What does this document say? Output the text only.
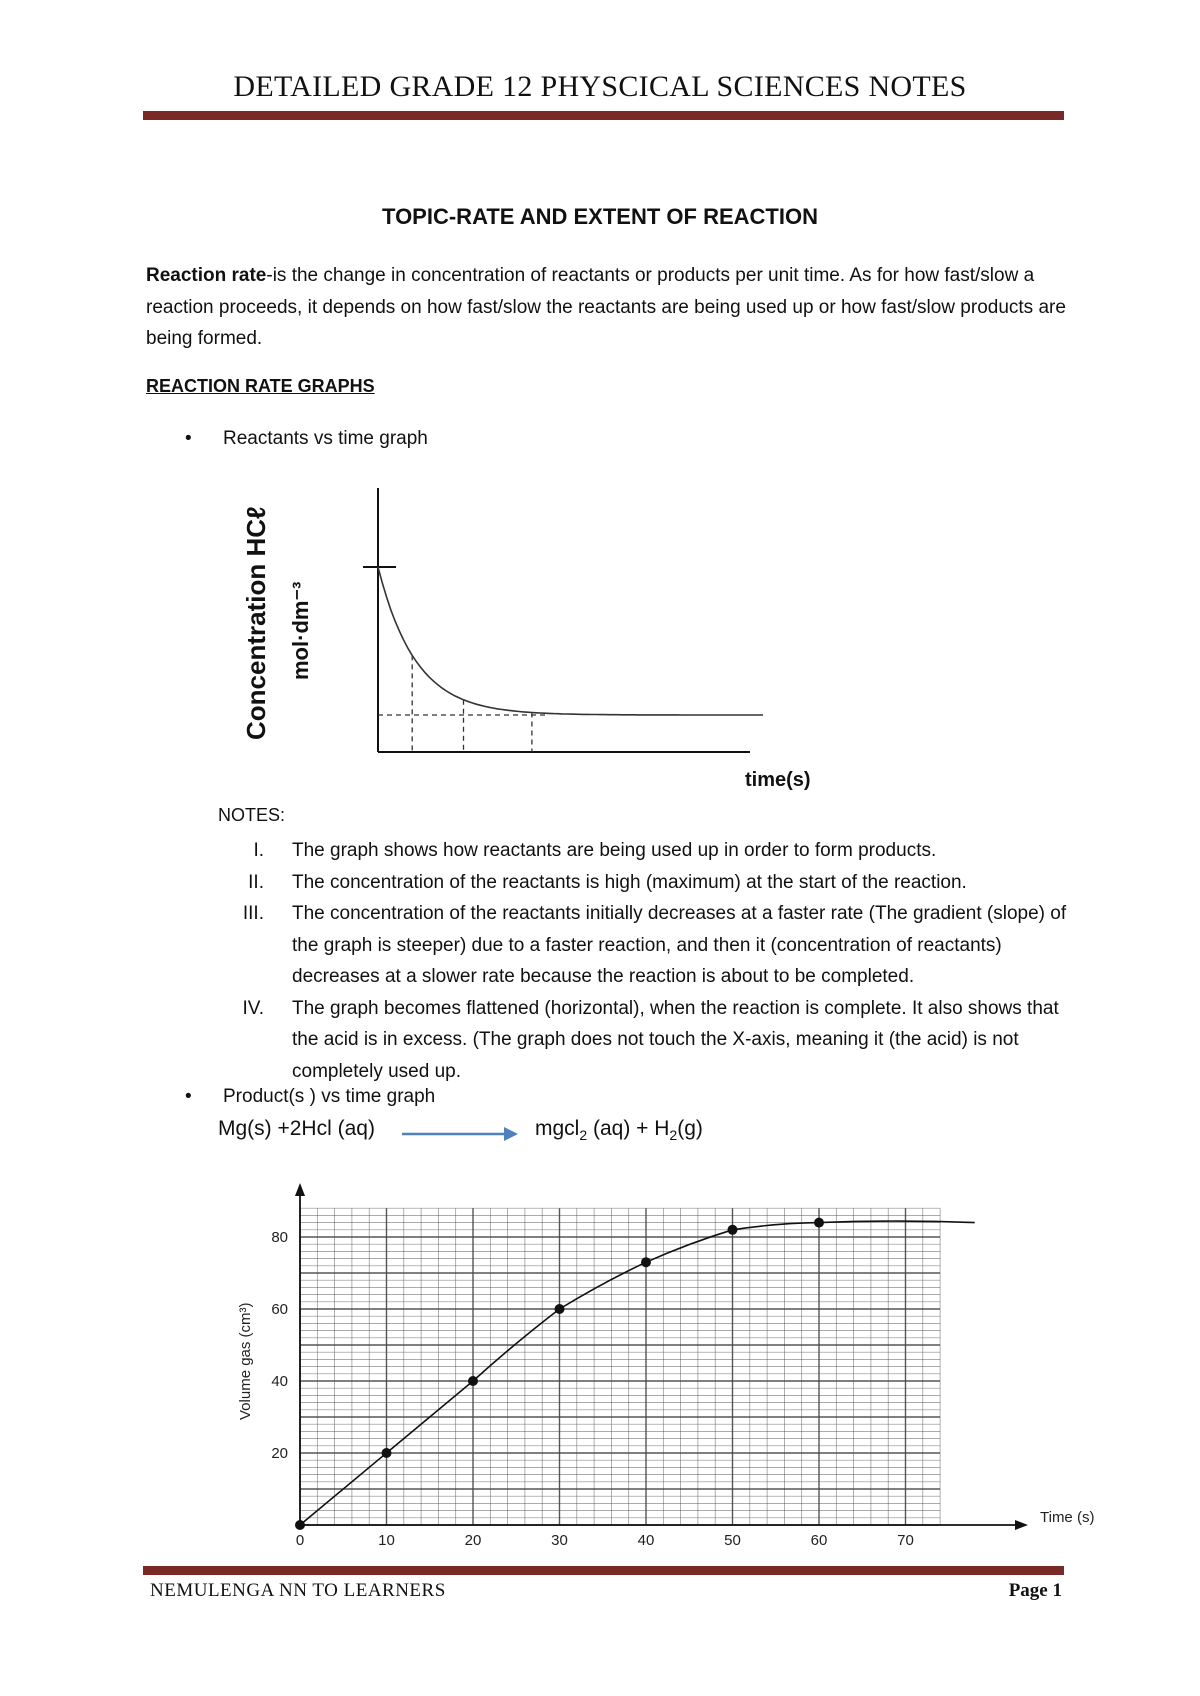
DETAILED GRADE 12 PHYSCICAL SCIENCES NOTES
TOPIC-RATE AND EXTENT OF REACTION
Reaction rate-is the change in concentration of reactants or products per unit time. As for how fast/slow a reaction proceeds, it depends on how fast/slow the reactants are being used up or how fast/slow products are being formed.
REACTION RATE GRAPHS
• Reactants vs time graph
Concentration HCℓ mol·dm⁻³
time(s)
NOTES:
I. The graph shows how reactants are being used up in order to form products.
II. The concentration of the reactants is high (maximum) at the start of the reaction.
III. The concentration of the reactants initially decreases at a faster rate (The gradient (slope) of the graph is steeper) due to a faster reaction, and then it (concentration of reactants) decreases at a slower rate because the reaction is about to be completed.
IV. The graph becomes flattened (horizontal), when the reaction is complete. It also shows that the acid is in excess. (The graph does not touch the X-axis, meaning it (the acid) is not completely used up.
• Product(s ) vs time graph
Mg(s) +2Hcl (aq)	mgcl$_2$ $(aq) + H_2(g)$
0	10	20	30	40	50	60	70
20
40
60
80
Volume gas (cm³)
Time (s)
NEMULENGA NN TO LEARNERS	Page 1
